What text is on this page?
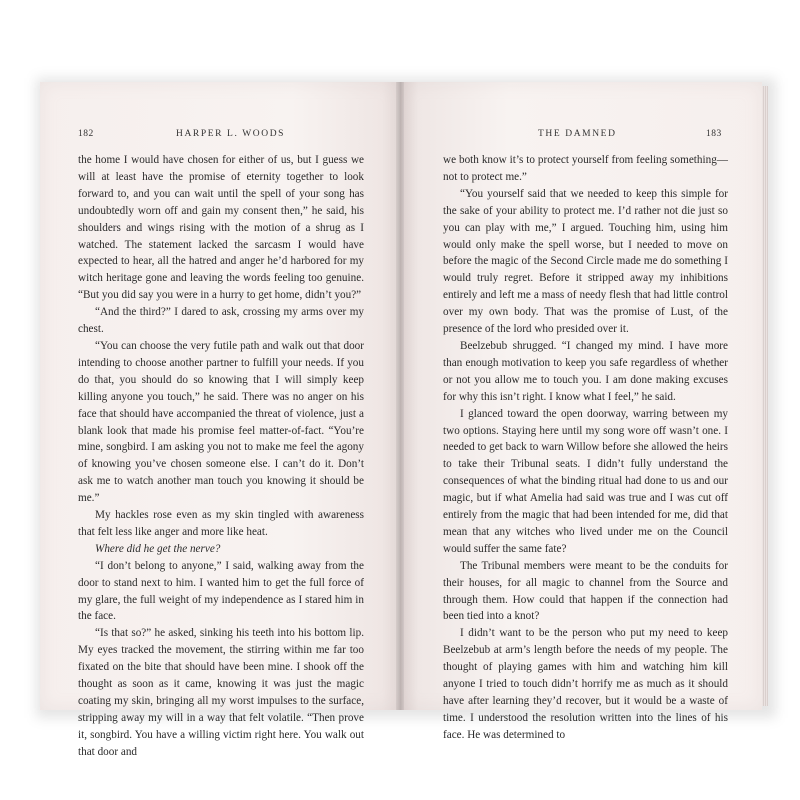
182	HARPER L. WOODS	THE DAMNED	183

the home I would have chosen for either of us, but I guess we will at least have the promise of eternity together to look forward to, and you can wait until the spell of your song has undoubtedly worn off and gain my consent then,” he said, his shoulders and wings rising with the motion of a shrug as I watched. The statement lacked the sarcasm I would have expected to hear, all the hatred and anger he’d harbored for my witch heritage gone and leaving the words feeling too genuine. “But you did say you were in a hurry to get home, didn’t you?”

“And the third?” I dared to ask, crossing my arms over my chest.

“You can choose the very futile path and walk out that door intending to choose another partner to fulfill your needs. If you do that, you should do so knowing that I will simply keep killing anyone you touch,” he said. There was no anger on his face that should have accompanied the threat of violence, just a blank look that made his promise feel matter-of-fact. “You’re mine, songbird. I am asking you not to make me feel the agony of knowing you’ve chosen someone else. I can’t do it. Don’t ask me to watch another man touch you knowing it should be me.”

My hackles rose even as my skin tingled with awareness that felt less like anger and more like heat.

Where did he get the nerve?

“I don’t belong to anyone,” I said, walking away from the door to stand next to him. I wanted him to get the full force of my glare, the full weight of my independence as I stared him in the face.

“Is that so?” he asked, sinking his teeth into his bottom lip. My eyes tracked the movement, the stirring within me far too fixated on the bite that should have been mine. I shook off the thought as soon as it came, knowing it was just the magic coating my skin, bringing all my worst impulses to the surface, stripping away my will in a way that felt volatile. “Then prove it, songbird. You have a willing victim right here. You walk out that door and

we both know it’s to protect yourself from feeling something—not to protect me.”

“You yourself said that we needed to keep this simple for the sake of your ability to protect me. I’d rather not die just so you can play with me,” I argued. Touching him, using him would only make the spell worse, but I needed to move on before the magic of the Second Circle made me do something I would truly regret. Before it stripped away my inhibitions entirely and left me a mass of needy flesh that had little control over my own body. That was the promise of Lust, of the presence of the lord who presided over it.

Beelzebub shrugged. “I changed my mind. I have more than enough motivation to keep you safe regardless of whether or not you allow me to touch you. I am done making excuses for why this isn’t right. I know what I feel,” he said.

I glanced toward the open doorway, warring between my two options. Staying here until my song wore off wasn’t one. I needed to get back to warn Willow before she allowed the heirs to take their Tribunal seats. I didn’t fully understand the consequences of what the binding ritual had done to us and our magic, but if what Amelia had said was true and I was cut off entirely from the magic that had been intended for me, did that mean that any witches who lived under me on the Council would suffer the same fate?

The Tribunal members were meant to be the conduits for their houses, for all magic to channel from the Source and through them. How could that happen if the connection had been tied into a knot?

I didn’t want to be the person who put my need to keep Beelzebub at arm’s length before the needs of my people. The thought of playing games with him and watching him kill anyone I tried to touch didn’t horrify me as much as it should have after learning they’d recover, but it would be a waste of time. I understood the resolution written into the lines of his face. He was determined to
